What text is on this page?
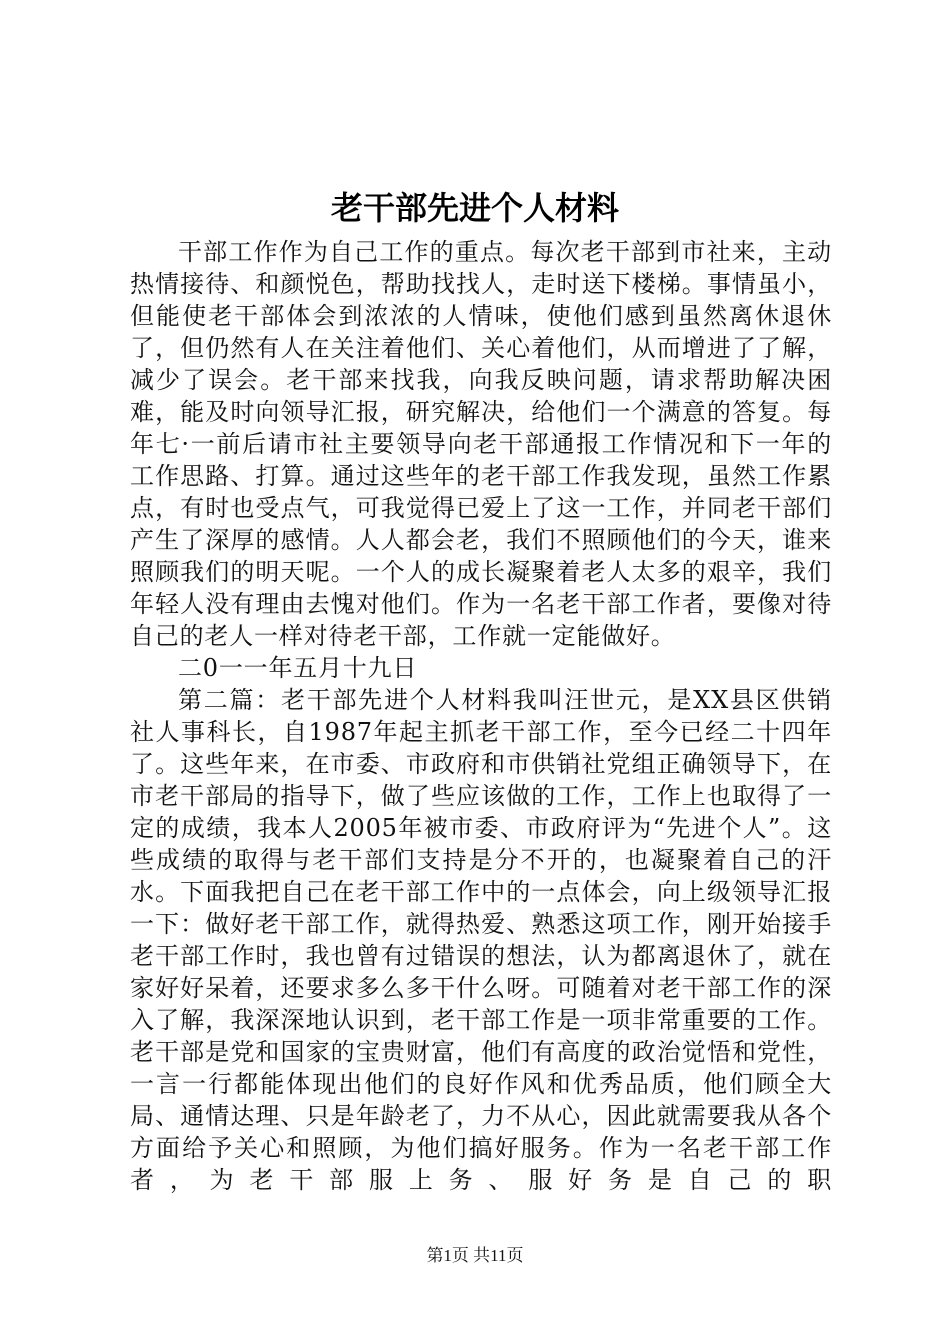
老干部先进个人材料

干部工作作为自己工作的重点。每次老干部到市社来，主动热情接待、和颜悦色，帮助找找人，走时送下楼梯。事情虽小，但能使老干部体会到浓浓的人情味，使他们感到虽然离休退休了，但仍然有人在关注着他们、关心着他们，从而增进了了解，减少了误会。老干部来找我，向我反映问题，请求帮助解决困难，能及时向领导汇报，研究解决，给他们一个满意的答复。每年七·一前后请市社主要领导向老干部通报工作情况和下一年的工作思路、打算。通过这些年的老干部工作我发现，虽然工作累点，有时也受点气，可我觉得已爱上了这一工作，并同老干部们产生了深厚的感情。人人都会老，我们不照顾他们的今天，谁来照顾我们的明天呢。一个人的成长凝聚着老人太多的艰辛，我们年轻人没有理由去愧对他们。作为一名老干部工作者，要像对待自己的老人一样对待老干部，工作就一定能做好。

二0一一年五月十九日

第二篇：老干部先进个人材料我叫汪世元，是XX县区供销社人事科长，自1987年起主抓老干部工作，至今已经二十四年了。这些年来，在市委、市政府和市供销社党组正确领导下，在市老干部局的指导下，做了些应该做的工作，工作上也取得了一定的成绩，我本人2005年被市委、市政府评为“先进个人”。这些成绩的取得与老干部们支持是分不开的，也凝聚着自己的汗水。下面我把自己在老干部工作中的一点体会，向上级领导汇报一下：做好老干部工作，就得热爱、熟悉这项工作，刚开始接手老干部工作时，我也曾有过错误的想法，认为都离退休了，就在家好好呆着，还要求多么多干什么呀。可随着对老干部工作的深入了解，我深深地认识到，老干部工作是一项非常重要的工作。老干部是党和国家的宝贵财富，他们有高度的政治觉悟和党性，一言一行都能体现出他们的良好作风和优秀品质，他们顾全大局、通情达理、只是年龄老了，力不从心，因此就需要我从各个方面给予关心和照顾，为他们搞好服务。作为一名老干部工作者，为老干部服上务、服好务是自己的职

第1页 共11页
